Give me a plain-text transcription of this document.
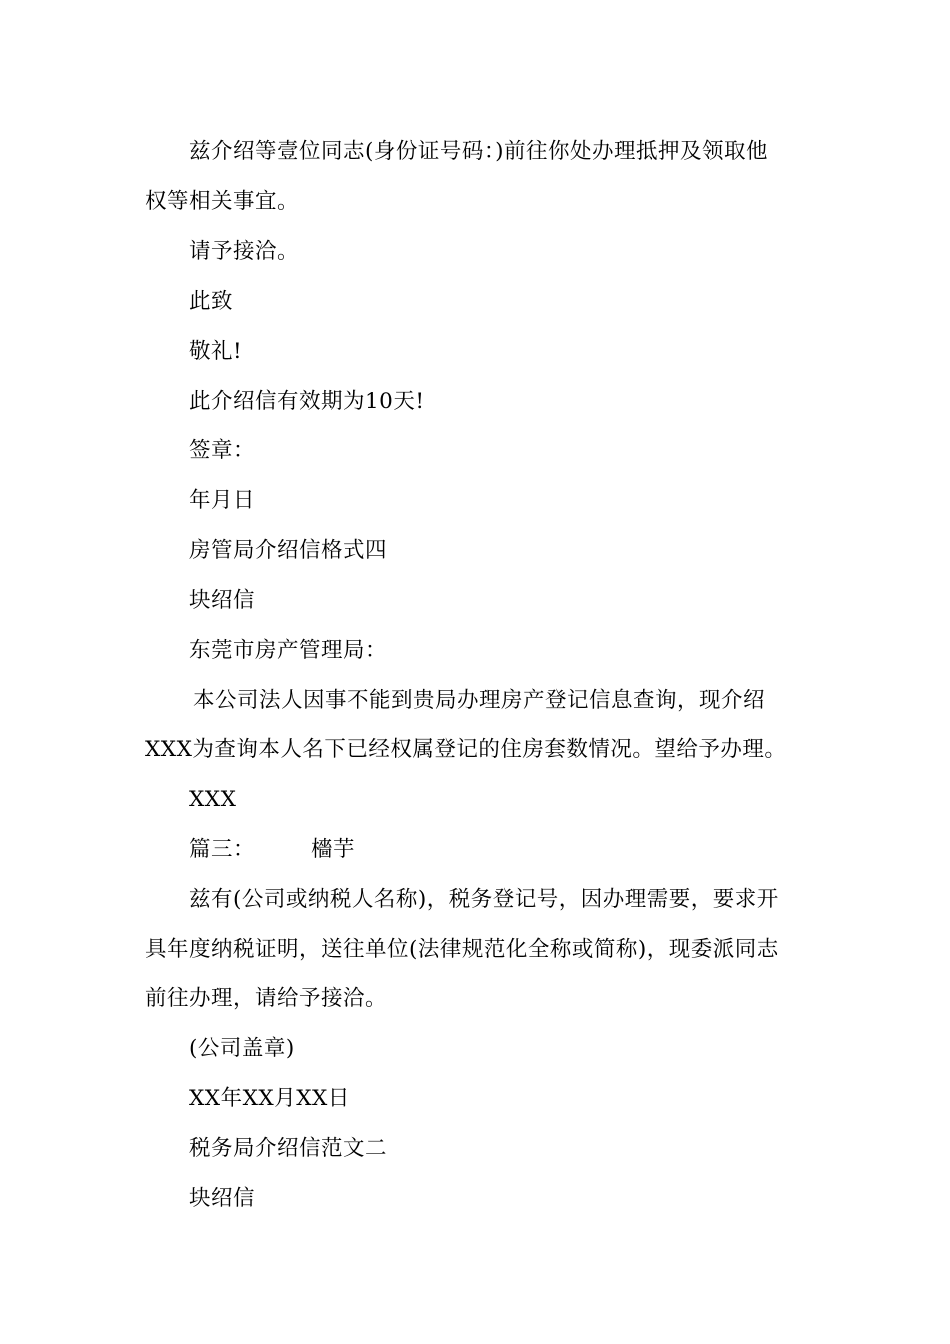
兹介绍等壹位同志(身份证号码：)前往你处办理抵押及领取他
权等相关事宜。
请予接洽。
此致
敬礼!
此介绍信有效期为10天!
签章：
年月日
房管局介绍信格式四
块绍信
东莞市房产管理局：
本公司法人因事不能到贵局办理房产登记信息查询，现介绍
XXX为查询本人名下已经权属登记的住房套数情况。望给予办理。
XXX
篇三：	檣芋
兹有(公司或纳税人名称)，税务登记号，因办理需要，要求开
具年度纳税证明，送往单位(法律规范化全称或简称)，现委派同志
前往办理，请给予接洽。
(公司盖章)
XX年XX月XX日
税务局介绍信范文二
块绍信
